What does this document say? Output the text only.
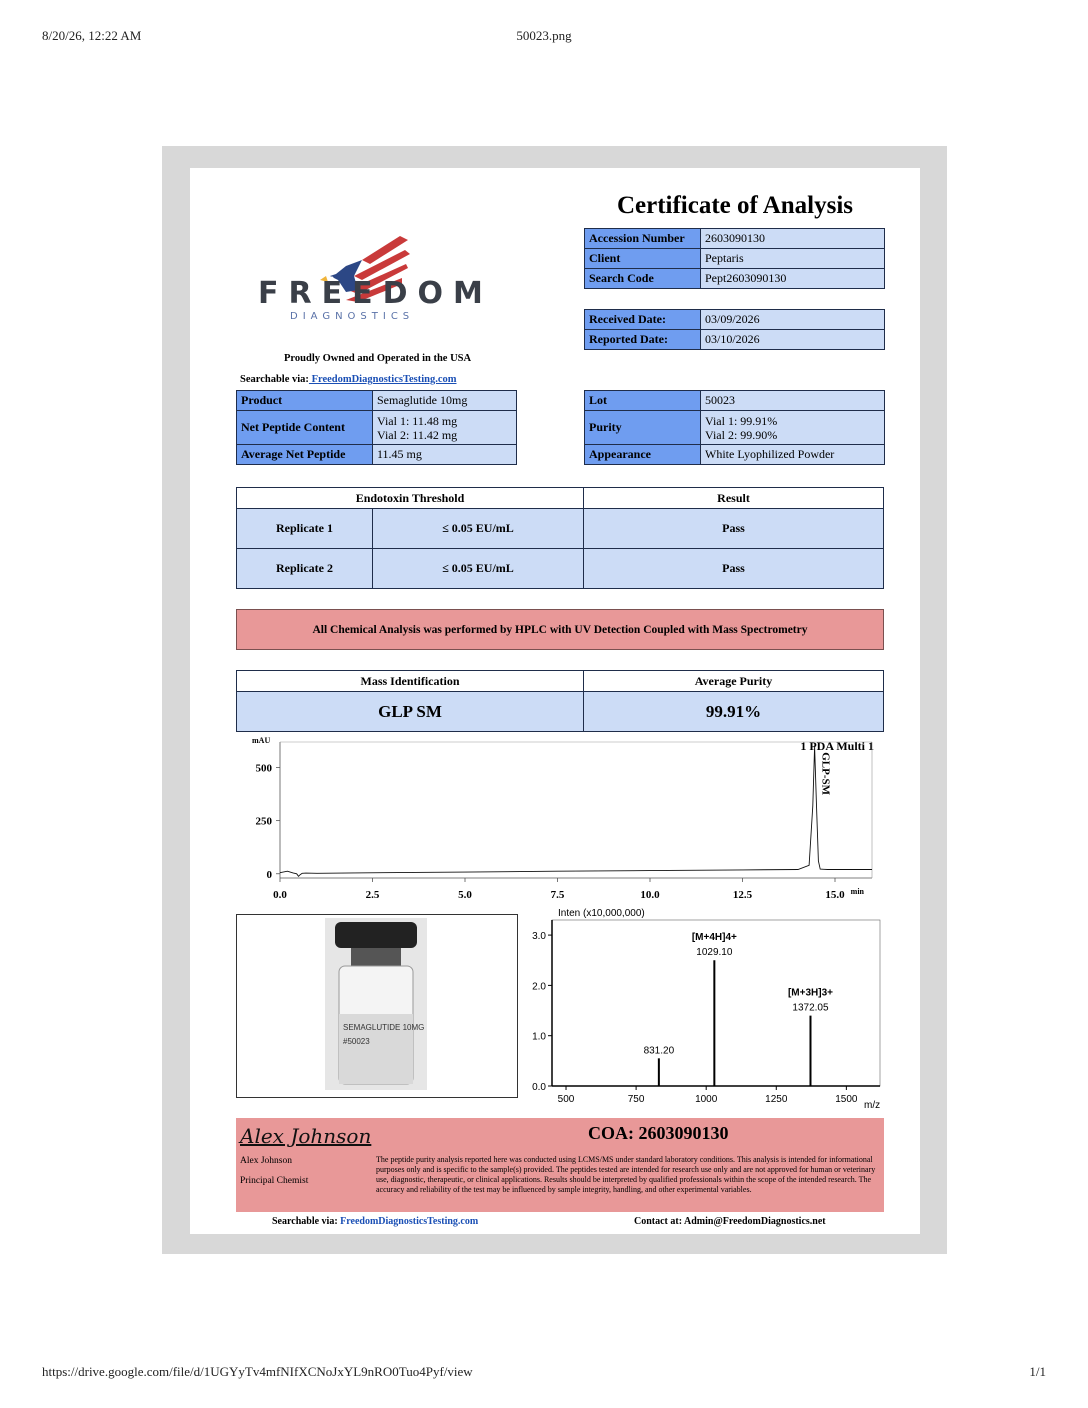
8/20/26, 12:22 AM	50023.png
https://drive.google.com/file/d/1UGYyTv4mfNIfXCNoJxYL9nRO0Tuo4Pyf/view	1/1
FREEDOM
DIAGNOSTICS
Proudly Owned and Operated in the USA
Searchable via: FreedomDiagnosticsTesting.com
Certificate of Analysis
Accession Number	2603090130
Client	Peptaris
Search Code	Pept2603090130
Received Date:	03/09/2026
Reported Date:	03/10/2026
Product	Semaglutide 10mg
Net Peptide Content	Vial 1: 11.48 mg
Vial 2: 11.42 mg

Average Net Peptide	11.45 mg
Lot	50023
Purity	Vial 1: 99.91%
Vial 2: 99.90%

Appearance	White Lyophilized Powder
Endotoxin Threshold		Result
Replicate 1	≤ 0.05 EU/mL	Pass
Replicate 2	≤ 0.05 EU/mL	Pass
All Chemical Analysis was performed by HPLC with UV Detection Coupled with Mass Spectrometry
Mass Identification	Average Purity
GLP SM	99.91%
mAU	1 PDA Multi 1
min
GLP-SM
0.0	2.5	5.0	7.5	10.0	12.5	15.0
0
250
500
SEMAGLUTIDE 10MG
#50023
Inten (x10,000,000)
m/z
0.0
1.0
2.0
3.0
500	750	1000	1250	1500
831.20
1029.10
[M+4H]4+
1372.05
[M+3H]3+
Alex Johnson
Alex Johnson
Principal Chemist
COA: 2603090130
The peptide purity analysis reported here was conducted using LCMS/MS under standard laboratory conditions. This analysis is intended for informational purposes only and is specific to the sample(s) provided. The peptides tested are intended for research use only and are not approved for human or veterinary use, diagnostic, therapeutic, or clinical applications. Results should be interpreted by qualified professionals within the scope of the intended research. The accuracy and reliability of the test may be influenced by sample integrity, handling, and other experimental variables.
Searchable via: FreedomDiagnosticsTesting.com	Contact at: Admin@FreedomDiagnostics.net
